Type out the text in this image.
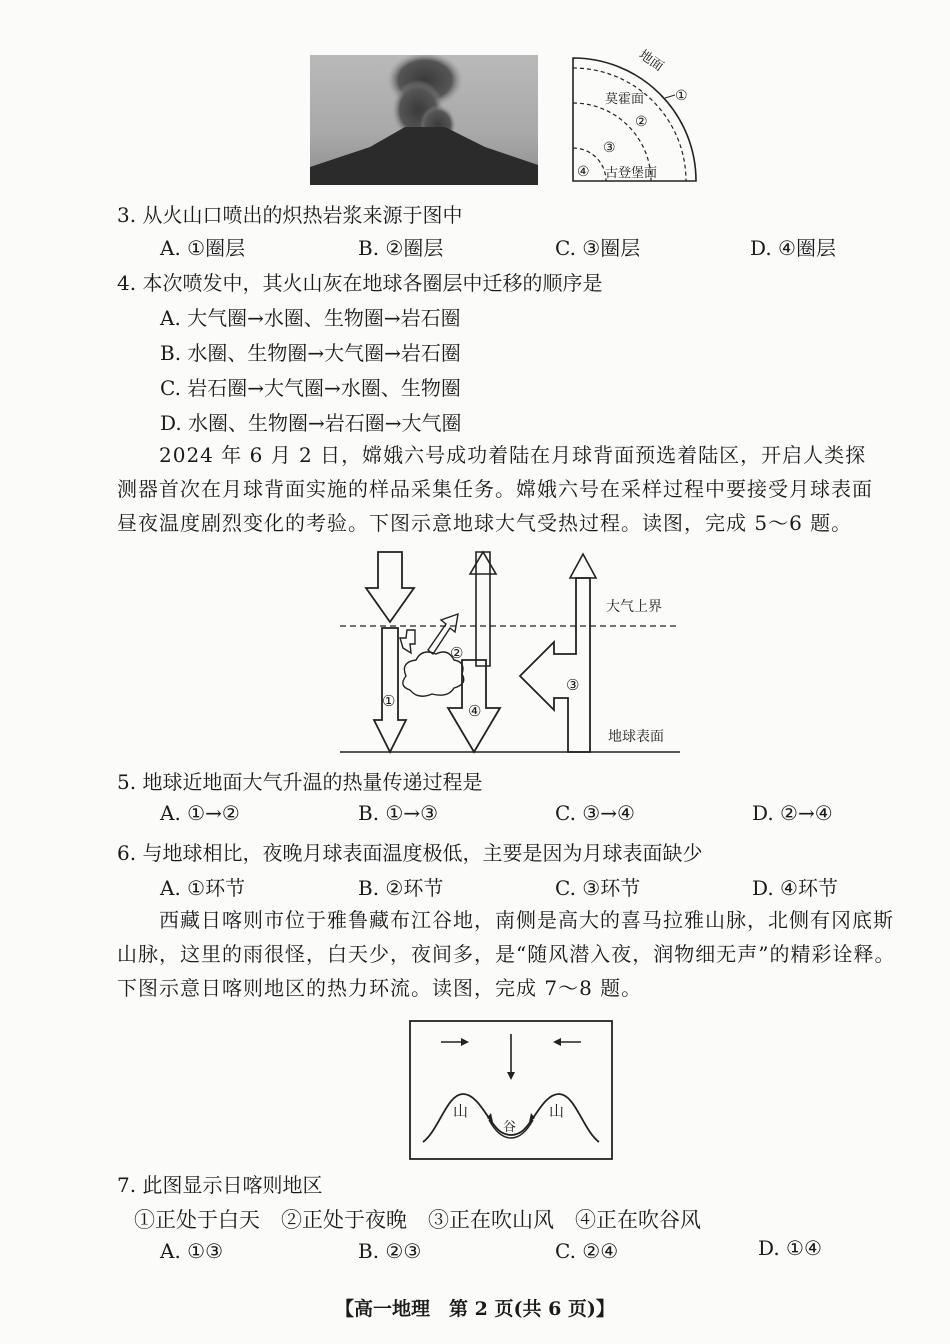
地面
莫霍面 ①
②
③
④ 古登堡面
3. 从火山口喷出的炽热岩浆来源于图中
A. ①圈层	B. ②圈层	C. ③圈层	D. ④圈层
4. 本次喷发中，其火山灰在地球各圈层中迁移的顺序是
A. 大气圈→水圈、生物圈→岩石圈
B. 水圈、生物圈→大气圈→岩石圈
C. 岩石圈→大气圈→水圈、生物圈
D. 水圈、生物圈→岩石圈→大气圈
2024 年 6 月 2 日，嫦娥六号成功着陆在月球背面预选着陆区，开启人类探测器首次在月球背面实施的样品采集任务。嫦娥六号在采样过程中要接受月球表面昼夜温度剧烈变化的考验。下图示意地球大气受热过程。读图，完成 5～6 题。
大气上界
地球表面
①
②
③
④
5. 地球近地面大气升温的热量传递过程是
A. ①→②	B. ①→③	C. ③→④	D. ②→④
6. 与地球相比，夜晚月球表面温度极低，主要是因为月球表面缺少
A. ①环节	B. ②环节	C. ③环节	D. ④环节
西藏日喀则市位于雅鲁藏布江谷地，南侧是高大的喜马拉雅山脉，北侧有冈底斯山脉，这里的雨很怪，白天少，夜间多，是“随风潜入夜，润物细无声”的精彩诠释。下图示意日喀则地区的热力环流。读图，完成 7～8 题。
山	山
谷
7. 此图显示日喀则地区
①正处于白天　②正处于夜晚　③正在吹山风　④正在吹谷风
A. ①③	B. ②③	C. ②④	D. ①④
【高一地理　第 2 页(共 6 页)】
